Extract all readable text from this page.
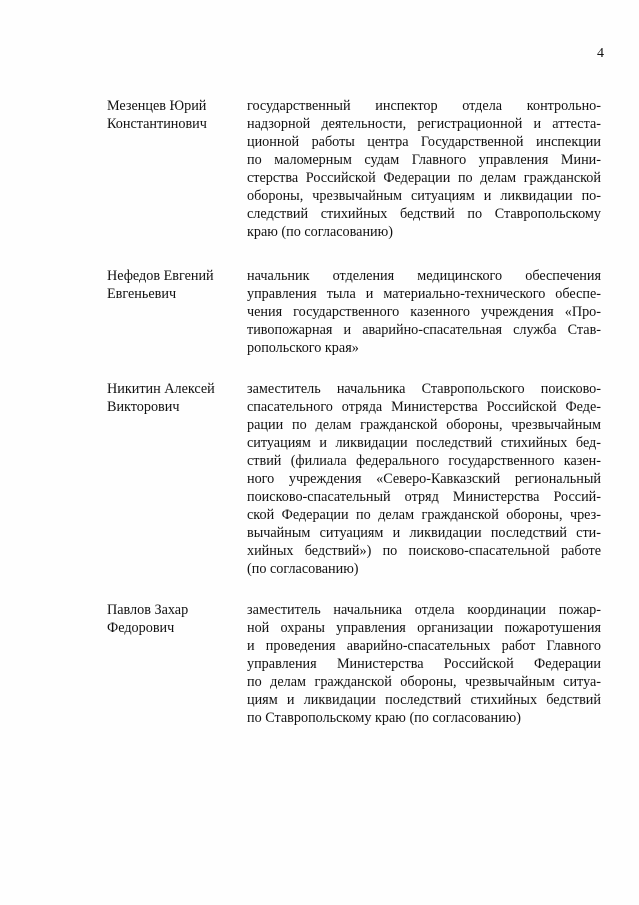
4
Мезенцев Юрий
Константинович
государственный инспектор отдела контрольно-
надзорной деятельности, регистрационной и аттеста-
ционной работы центра Государственной инспекции
по маломерным судам Главного управления Мини-
стерства Российской Федерации по делам гражданской
обороны, чрезвычайным ситуациям и ликвидации по-
следствий стихийных бедствий по Ставропольскому
краю (по согласованию)
Нефедов Евгений
Евгеньевич
начальник отделения медицинского обеспечения
управления тыла и материально-технического обеспе-
чения государственного казенного учреждения «Про-
тивопожарная и аварийно-спасательная служба Став-
ропольского края»
Никитин Алексей
Викторович
заместитель начальника Ставропольского поисково-
спасательного отряда Министерства Российской Феде-
рации по делам гражданской обороны, чрезвычайным
ситуациям и ликвидации последствий стихийных бед-
ствий (филиала федерального государственного казен-
ного учреждения «Северо-Кавказский региональный
поисково-спасательный отряд Министерства Россий-
ской Федерации по делам гражданской обороны, чрез-
вычайным ситуациям и ликвидации последствий сти-
хийных бедствий») по поисково-спасательной работе
(по согласованию)
Павлов Захар
Федорович
заместитель начальника отдела координации пожар-
ной охраны управления организации пожаротушения
и проведения аварийно-спасательных работ Главного
управления Министерства Российской Федерации
по делам гражданской обороны, чрезвычайным ситуа-
циям и ликвидации последствий стихийных бедствий
по Ставропольскому краю (по согласованию)
